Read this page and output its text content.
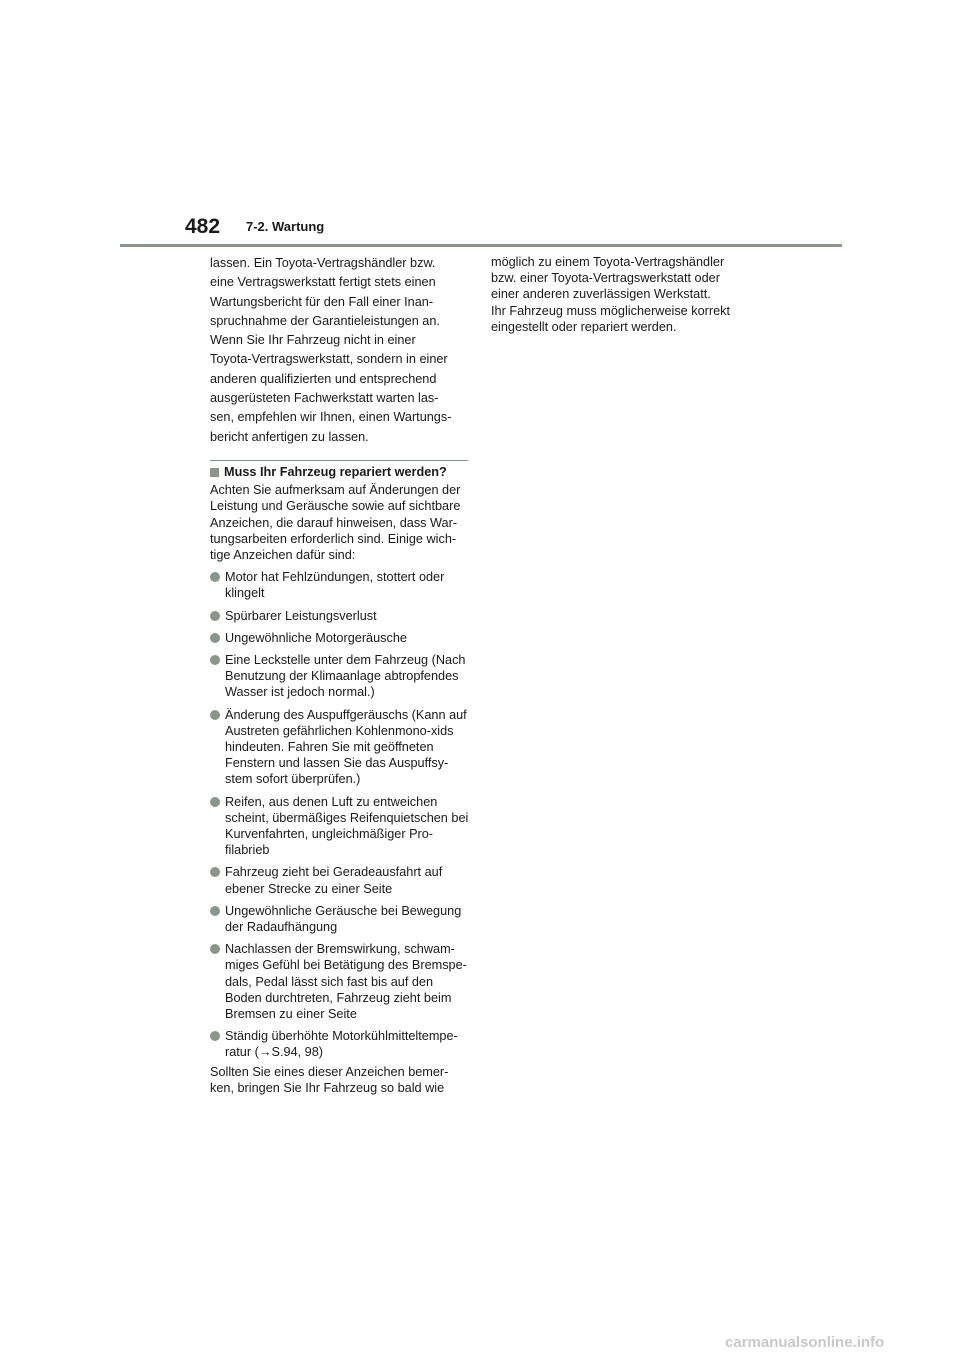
482 7-2. Wartung

lassen. Ein Toyota-Vertragshändler bzw.

eine Vertragswerkstatt fertigt stets einen

Wartungsbericht für den Fall einer Inan-

spruchnahme der Garantieleistungen an.

Wenn Sie Ihr Fahrzeug nicht in einer

Toyota-Vertragswerkstatt, sondern in einer

anderen qualifizierten und entsprechend

ausgerüsteten Fachwerkstatt warten las-

sen, empfehlen wir Ihnen, einen Wartungs-

bericht anfertigen zu lassen.

Muss Ihr Fahrzeug repariert werden?
Achten Sie aufmerksam auf Änderungen der Leistung und Geräusche sowie auf sichtbare Anzeichen, die darauf hinweisen, dass War-tungsarbeiten erforderlich sind. Einige wich-tige Anzeichen dafür sind:
Motor hat Fehlzündungen, stottert oder klingelt
Spürbarer Leistungsverlust
Ungewöhnliche Motorgeräusche
Eine Leckstelle unter dem Fahrzeug (Nach Benutzung der Klimaanlage abtropfendes Wasser ist jedoch normal.)
Änderung des Auspuffgeräuschs (Kann auf Austreten gefährlichen Kohlenmono-xids hindeuten. Fahren Sie mit geöffneten Fenstern und lassen Sie das Auspuffsy-stem sofort überprüfen.)
Reifen, aus denen Luft zu entweichen scheint, übermäßiges Reifenquietschen bei Kurvenfahrten, ungleichmäßiger Pro-filabrieb
Fahrzeug zieht bei Geradeausfahrt auf ebener Strecke zu einer Seite
Ungewöhnliche Geräusche bei Bewegung der Radaufhängung
Nachlassen der Bremswirkung, schwam-miges Gefühl bei Betätigung des Bremspe-dals, Pedal lässt sich fast bis auf den Boden durchtreten, Fahrzeug zieht beim Bremsen zu einer Seite
Ständig überhöhte Motorkühlmitteltempe-ratur (→S.94, 98)
Sollten Sie eines dieser Anzeichen bemer-ken, bringen Sie Ihr Fahrzeug so bald wie

möglich zu einem Toyota-Vertragshändler

bzw. einer Toyota-Vertragswerkstatt oder

einer anderen zuverlässigen Werkstatt.

Ihr Fahrzeug muss möglicherweise korrekt

eingestellt oder repariert werden.

carmanualsonline.info
